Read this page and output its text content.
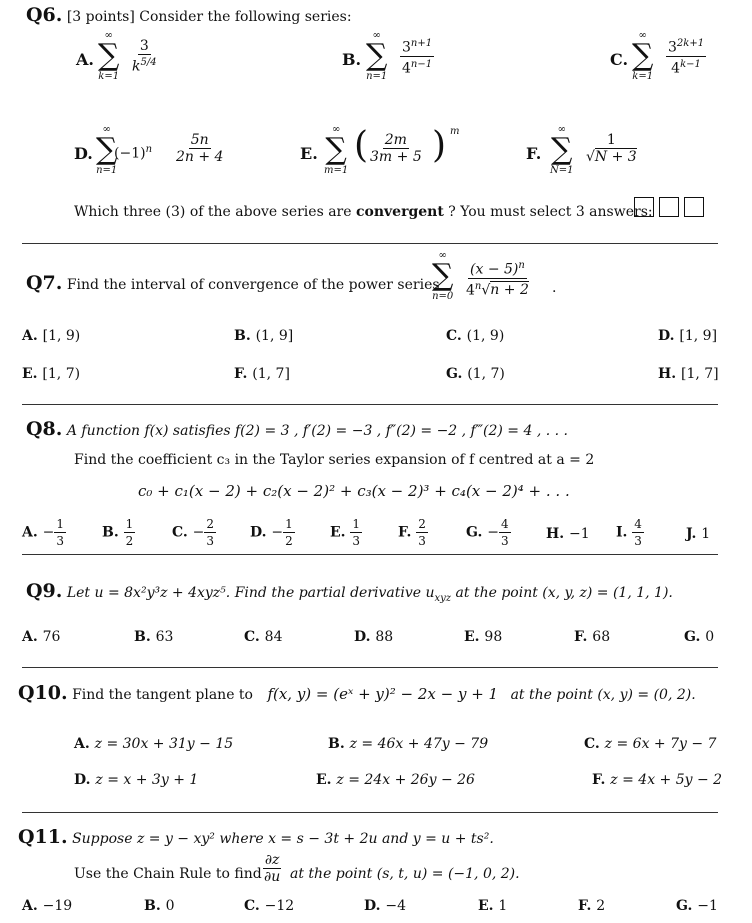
Q6. [3 points] Consider the following series:
A.
∞
∑
k=1
$\frac{3}{k^{5/4}}$	B.
∞
∑
n=1
$\frac{3^{n+1}}{4^{n-1}}$	C.
∞
∑
k=1
$\frac{3^{2k+1}}{4^{k-1}}$
D.
∞
∑
n=1
$(-1)^n \frac{5n}{2n + 4}$	E.
∞
∑
m=1
( $\frac{2m}{3m + 5}$ ) m
F.
∞
∑
N=1
$\frac{1}{√N + 3}$
Which three (3) of the above series are convergent ? You must select 3 answers:
Q7. Find the interval of convergence of the power series
∞
∑
$n=0 \frac{(x - 5)^n}{4^n√n + 2}$ .
A. [1, 9)	B. (1, 9]	C. (1, 9)	D. [1, 9]
E. [1, 7)	F. (1, 7]	G. (1, 7)	H. [1, 7]
Q8. A function f(x) satisfies f(2) = 3 , f′(2) = −3 , f″(2) = −2 , f‴(2) = 4 , . . .
Find the coefficient c₃ in the Taylor series expansion of f centred at a = 2
c₀ + c₁(x − 2) + c₂(x − 2)² + c₃(x − 2)³ + c₄(x − 2)⁴ + . . .
A. − $\frac{1}{3}$	B. $\frac{1}{2}$	C. − $\frac{2}{3} D$. − $\frac{1}{2}$	E. $\frac{1}{3}$	F. $\frac{2}{3}$	G. − $\frac{4}{3}$	H. −1 I. $\frac{4}{3}$	J. 1
Q9. Let u = 8x²y³z + 4xyz⁵. Find the partial derivative $u_{xyz}$ at the point (x, y, z) = (1, 1, 1).
A. 76	B. 63	C. 84	D. 88	E. 98	F. 68	G. 0
Q10. Find the tangent plane to f(x, y) = (eˣ + y)² − 2x − y + 1 at the point (x, y) = (0, 2).
A. z = 30x + 31y − 15	B. z = 46x + 47y − 79	C. z = 6x + 7y − 7
D. z = x + 3y + 1	E. z = 24x + 26y − 26	F. z = 4x + 5y − 2
Q11. Suppose z = y − xy² where x = s − 3t + 2u and y = u + ts².
Use the Chain Rule to find $\frac{\partial z}{\partial u}$ at the point (s, t, u) = (−1, 0, 2).
A. −19	B. 0	C. −12	D. −4	E. 1	F. 2	G. −1
